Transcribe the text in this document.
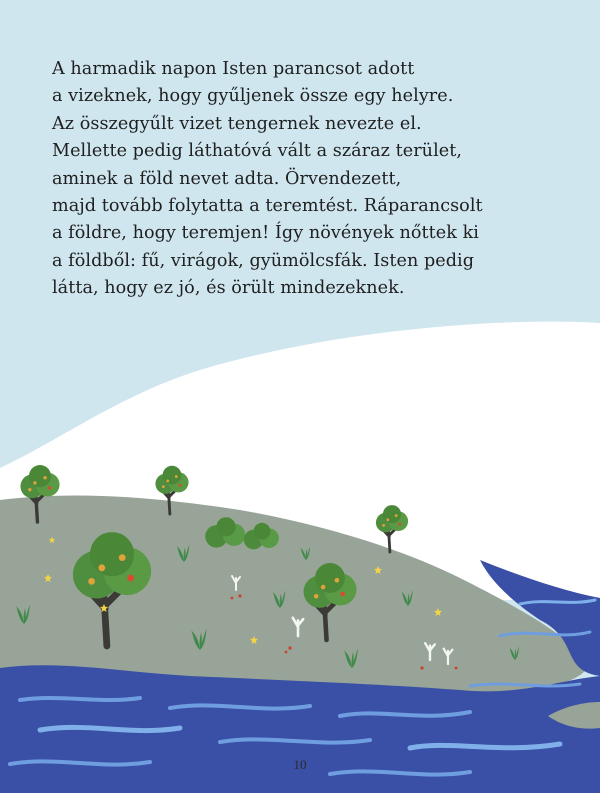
A harmadik napon Isten parancsot adott
a vizeknek, hogy gyűljenek össze egy helyre.
Az összegyűlt vizet tengernek nevezte el.
Mellette pedig láthatóvá vált a száraz terület,
aminek a föld nevet adta. Örvendezett,
majd tovább folytatta a teremtést. Ráparancsolt
a földre, hogy teremjen! Így növények nőttek ki
a földből: fű, virágok, gyümölcsfák. Isten pedig
látta, hogy ez jó, és örült mindezeknek.
10
